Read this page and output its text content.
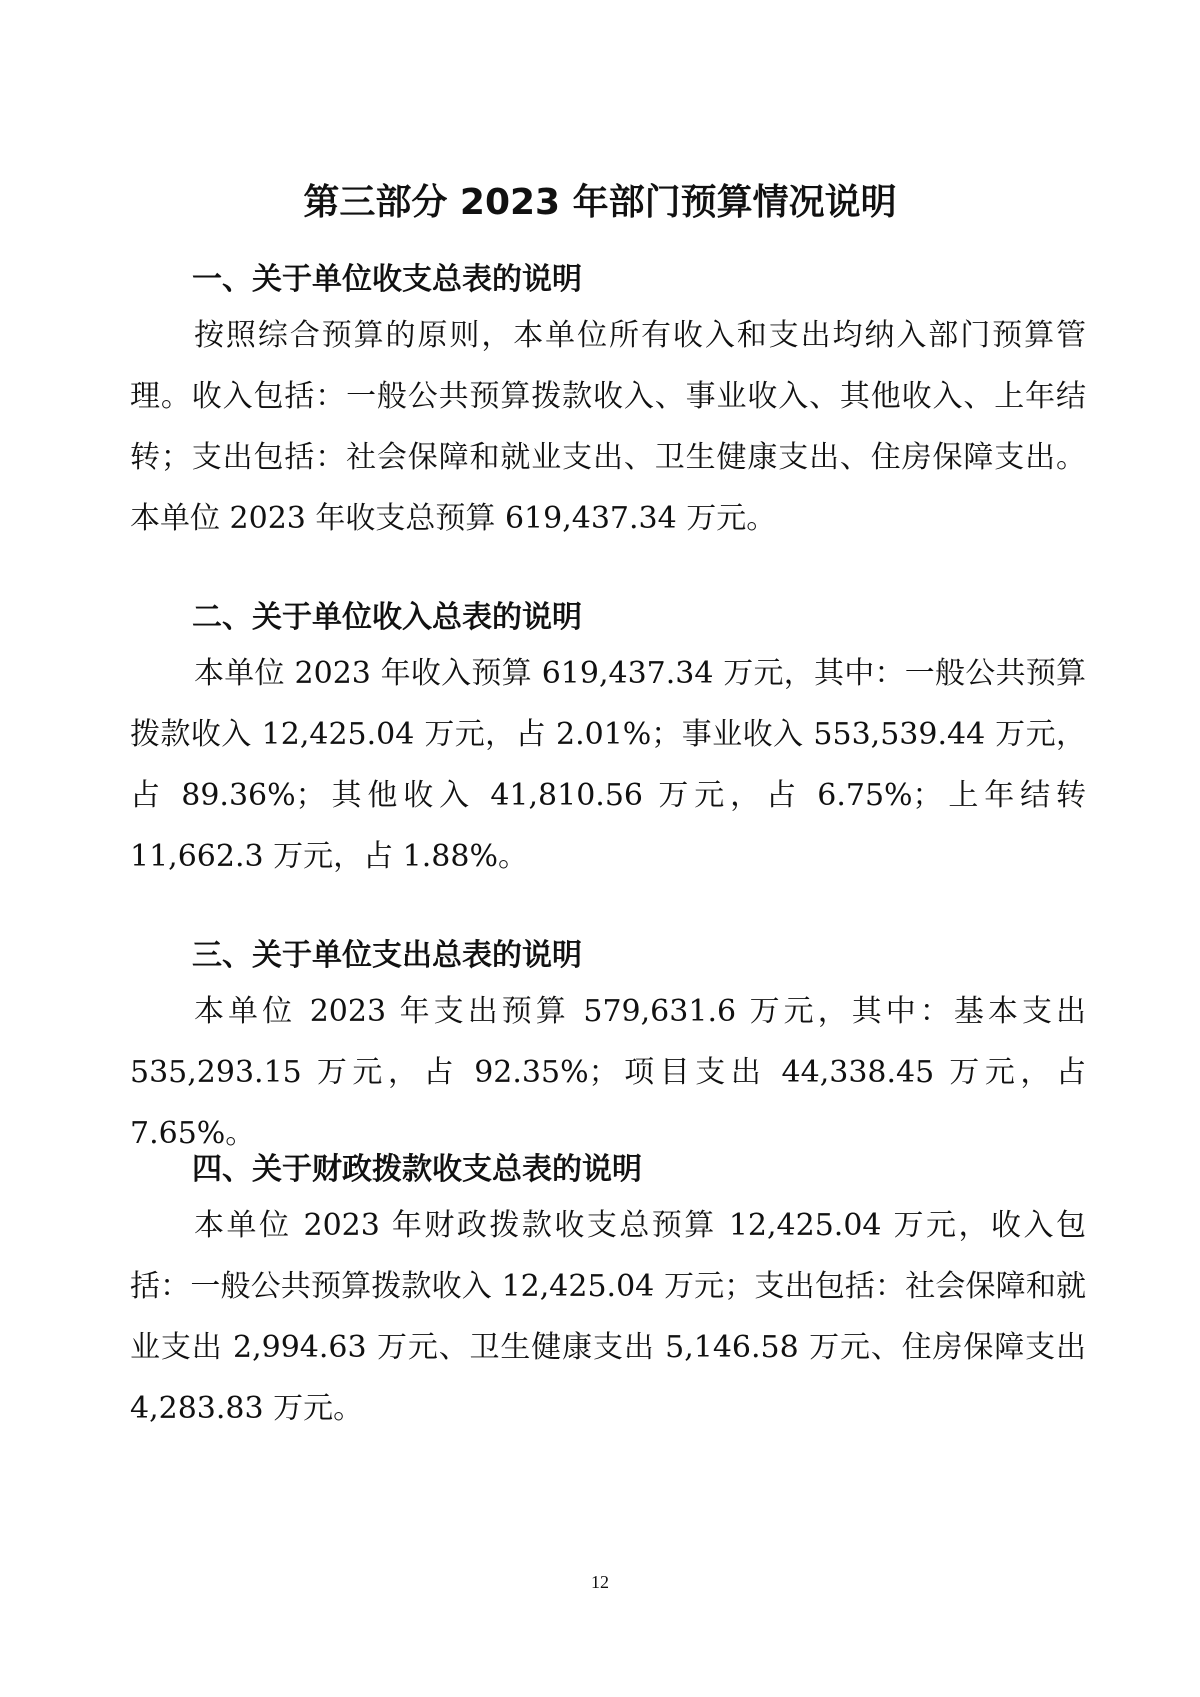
第三部分 2023 年部门预算情况说明
一、关于单位收支总表的说明

按照综合预算的原则，本单位所有收入和支出均纳入部门预算管理。收入包括：一般公共预算拨款收入、事业收入、其他收入、上年结转；支出包括：社会保障和就业支出、卫生健康支出、住房保障支出。本单位 2023 年收支总预算 619,437.34 万元。

二、关于单位收入总表的说明

本单位 2023 年收入预算 619,437.34 万元，其中：一般公共预算拨款收入 12,425.04 万元，占 2.01%；事业收入 553,539.44 万元，占 89.36%；其他收入 41,810.56 万元，占 6.75%；上年结转 11,662.3 万元，占 1.88%。

三、关于单位支出总表的说明

本单位 2023 年支出预算 579,631.6 万元，其中：基本支出 535,293.15 万元，占 92.35%；项目支出 44,338.45 万元，占 7.65%。

四、关于财政拨款收支总表的说明

本单位 2023 年财政拨款收支总预算 12,425.04 万元，收入包括：一般公共预算拨款收入 12,425.04 万元；支出包括：社会保障和就业支出 2,994.63 万元、卫生健康支出 5,146.58 万元、住房保障支出 4,283.83 万元。

12
